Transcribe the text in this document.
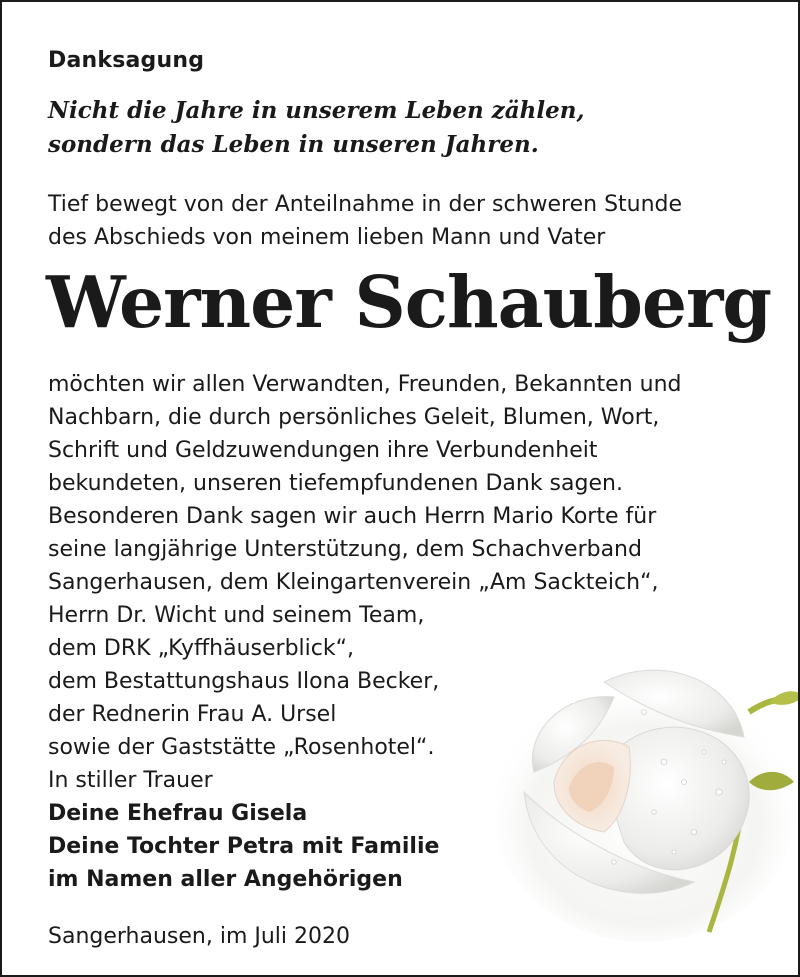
Danksagung

Nicht die Jahre in unserem Leben zählen,
sondern das Leben in unseren Jahren.

Tief bewegt von der Anteilnahme in der schweren Stunde
des Abschieds von meinem lieben Mann und Vater

Werner Schauberg

möchten wir allen Verwandten, Freunden, Bekannten und
Nachbarn, die durch persönliches Geleit, Blumen, Wort,
Schrift und Geldzuwendungen ihre Verbundenheit
bekundeten, unseren tiefempfundenen Dank sagen.
Besonderen Dank sagen wir auch Herrn Mario Korte für
seine langjährige Unterstützung, dem Schachverband
Sangerhausen, dem Kleingartenverein „Am Sackteich“,
Herrn Dr. Wicht und seinem Team,
dem DRK „Kyffhäuserblick“,
dem Bestattungshaus Ilona Becker,
der Rednerin Frau A. Ursel
sowie der Gaststätte „Rosenhotel“.

In stiller Trauer
Deine Ehefrau Gisela
Deine Tochter Petra mit Familie
im Namen aller Angehörigen

Sangerhausen, im Juli 2020
